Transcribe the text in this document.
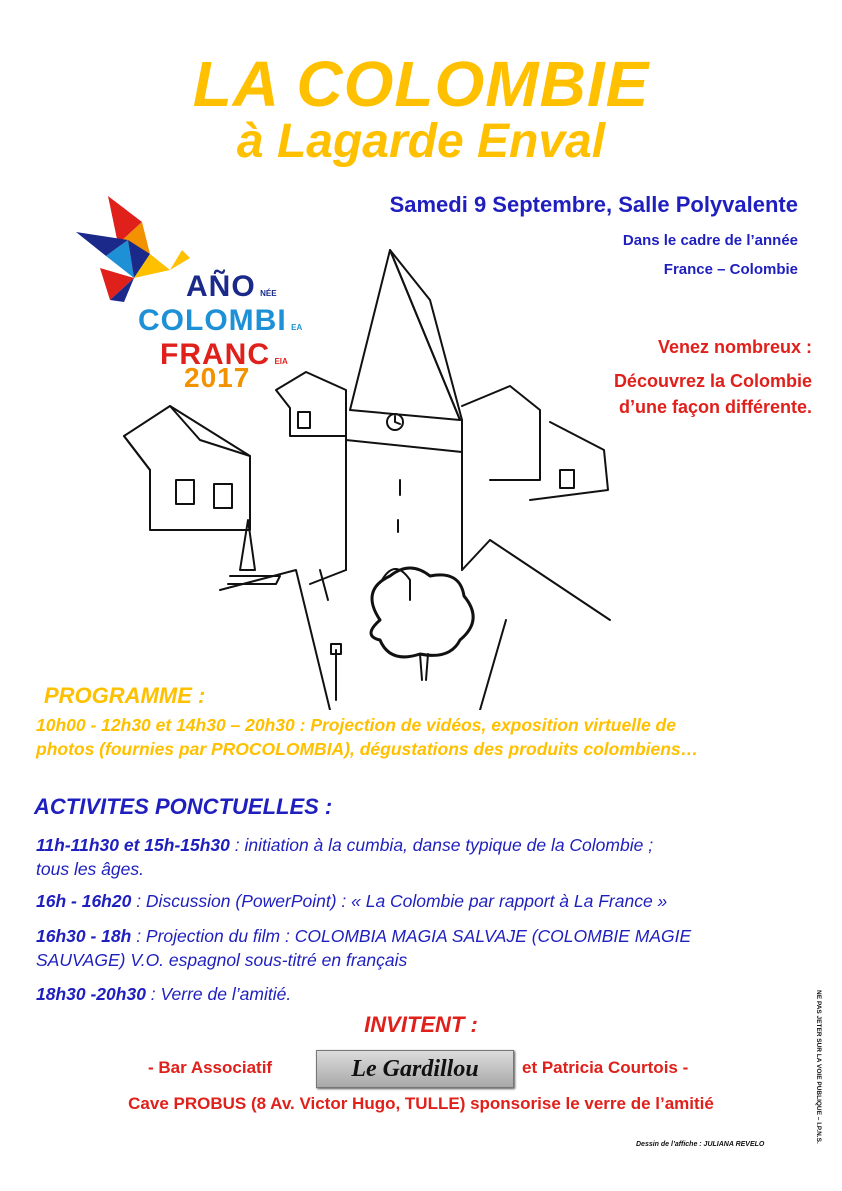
LA COLOMBIE
à Lagarde Enval
Samedi 9 Septembre, Salle Polyvalente
Dans le cadre de l’année
France – Colombie
AÑO NÉE
COLOMBI EA
FRANC EIA
2017
Venez nombreux :
Découvrez la Colombie
d’une façon différente.
PROGRAMME :
10h00 - 12h30 et 14h30 – 20h30 : Projection de vidéos, exposition virtuelle de
photos (fournies par PROCOLOMBIA), dégustations des produits colombiens…
ACTIVITES PONCTUELLES :
11h-11h30 et 15h-15h30 : initiation à la cumbia, danse typique de la Colombie ;
tous les âges.
16h - 16h20 : Discussion (PowerPoint) : « La Colombie par rapport à La France »
16h30 - 18h : Projection du film : COLOMBIA MAGIA SALVAJE (COLOMBIE MAGIE
SAUVAGE) V.O. espagnol sous-titré en français
18h30 -20h30 : Verre de l’amitié.
INVITENT :
- Bar Associatif	Le Gardillou	et Patricia Courtois -
Cave PROBUS (8 Av. Victor Hugo, TULLE) sponsorise le verre de l’amitié
Dessin de l’affiche : JULIANA REVELO
NE PAS JETER SUR LA VOIE PUBLIQUE – I.P.N.S.
